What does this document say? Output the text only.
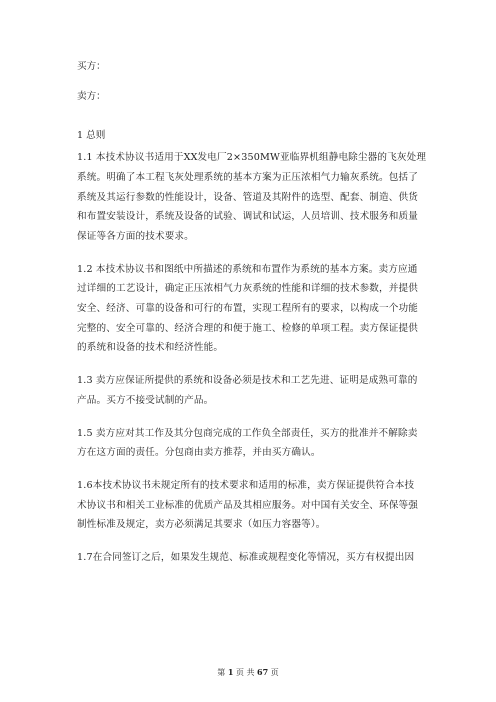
买方：
卖方：
1 总则
1.1 本技术协议书适用于XX发电厂2×350MW亚临界机组静电除尘器的飞灰处理
系统。明确了本工程飞灰处理系统的基本方案为正压浓相气力输灰系统。包括了
系统及其运行参数的性能设计，设备、管道及其附件的选型、配套、制造、供货
和布置安装设计，系统及设备的试验、调试和试运，人员培训、技术服务和质量
保证等各方面的技术要求。
1.2 本技术协议书和图纸中所描述的系统和布置作为系统的基本方案。卖方应通
过详细的工艺设计，确定正压浓相气力灰系统的性能和详细的技术参数，并提供
安全、经济、可靠的设备和可行的布置，实现工程所有的要求，以构成一个功能
完整的、安全可靠的、经济合理的和便于施工、检修的单项工程。卖方保证提供
的系统和设备的技术和经济性能。
1.3 卖方应保证所提供的系统和设备必须是技术和工艺先进、证明是成熟可靠的
产品。买方不接受试制的产品。
1.5 卖方应对其工作及其分包商完成的工作负全部责任，买方的批准并不解除卖
方在这方面的责任。分包商由卖方推荐，并由买方确认。
1.6本技术协议书未规定所有的技术要求和适用的标准，卖方保证提供符合本技
术协议书和相关工业标准的优质产品及其相应服务。对中国有关安全、环保等强
制性标准及规定，卖方必须满足其要求（如压力容器等）。
1.7在合同签订之后，如果发生规范、标准或规程变化等情况，买方有权提出因
第 1 页 共 67 页
